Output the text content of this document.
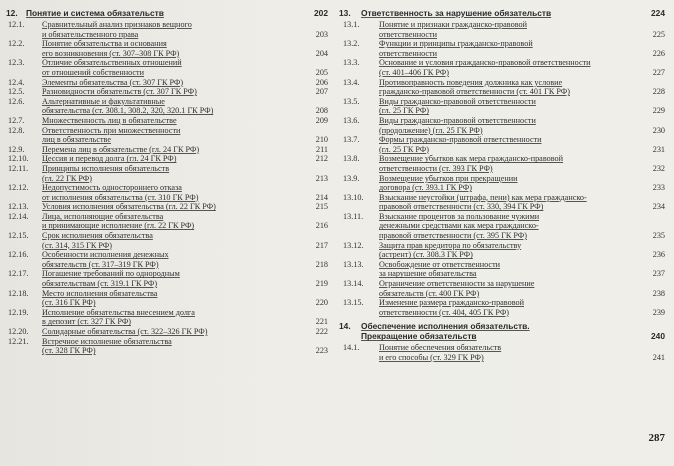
12. Понятие и система обязательств	202
12.1.	Сравнительный анализ признаков вещного
и обязательственного права	203
12.2.	Понятие обязательства и основания
его возникновения (ст. 307–308 ГК РФ)	204
12.3.	Отличие обязательственных отношений
от отношений собственности	205
12.4.	Элементы обязательства (ст. 307 ГК РФ)	206
12.5.	Разновидности обязательств (ст. 307 ГК РФ)	207
12.6.	Альтернативные и факультативные
обязательства (ст. 308.1, 308.2, 320, 320.1 ГК РФ)	208
12.7.	Множественность лиц в обязательстве	209
12.8.	Ответственность при множественности
лиц в обязательстве	210
12.9.	Перемена лиц в обязательстве (гл. 24 ГК РФ)	211
12.10.	Цессия и перевод долга (гл. 24 ГК РФ)	212
12.11.	Принципы исполнения обязательств
(гл. 22 ГК РФ)	213
12.12.	Недопустимость одностороннего отказа
от исполнения обязательства (ст. 310 ГК РФ)	214
12.13.	Условия исполнения обязательства (гл. 22 ГК РФ)	215
12.14.	Лица, исполняющие обязательства
и принимающие исполнение (гл. 22 ГК РФ)	216
12.15.	Срок исполнения обязательства
(ст. 314, 315 ГК РФ)	217
12.16.	Особенности исполнения денежных
обязательств (ст. 317–319 ГК РФ)	218
12.17.	Погашение требований по однородным
обязательствам (ст. 319.1 ГК РФ)	219
12.18.	Место исполнения обязательства
(ст. 316 ГК РФ)	220
12.19.	Исполнение обязательства внесением долга
в депозит (ст. 327 ГК РФ)	221
12.20.	Солидарные обязательства (ст. 322–326 ГК РФ)	222
12.21.	Встречное исполнение обязательства
(ст. 328 ГК РФ)	223
13.	Ответственность за нарушение обязательств	224
13.1.	Понятие и признаки гражданско-правовой
ответственности	225
13.2.	Функции и принципы гражданско-правовой
ответственности	226
13.3.	Основание и условия гражданско-правовой ответственности
(ст. 401–406 ГК РФ)	227
13.4.	Противоправность поведения должника как условие
гражданско-правовой ответственности (ст. 401 ГК РФ)	228
13.5.	Виды гражданско-правовой ответственности
(гл. 25 ГК РФ)	229
13.6.	Виды гражданско-правовой ответственности
(продолжение) (гл. 25 ГК РФ)	230
13.7.	Формы гражданско-правовой ответственности
(гл. 25 ГК РФ)	231
13.8.	Возмещение убытков как мера гражданско-правовой
ответственности (ст. 393 ГК РФ)	232
13.9.	Возмещение убытков при прекращении
договора (ст. 393.1 ГК РФ)	233
13.10.	Взыскание неустойки (штрафа, пени) как мера гражданско-
правовой ответственности (ст. 330, 394 ГК РФ)	234
13.11.	Взыскание процентов за пользование чужими
денежными средствами как мера гражданско-
правовой ответственности (ст. 395 ГК РФ)	235
13.12.	Защита прав кредитора по обязательству
(астрент) (ст. 308.3 ГК РФ)	236
13.13.	Освобождение от ответственности
за нарушение обязательства	237
13.14.	Ограничение ответственности за нарушение
обязательств (ст. 400 ГК РФ)	238
13.15.	Изменение размера гражданско-правовой
ответственности (ст. 404, 405 ГК РФ)	239
14.	Обеспечение исполнения обязательств.
Прекращение обязательств	240
14.1.	Понятие обеспечения обязательств
и его способы (ст. 329 ГК РФ)	241
287
